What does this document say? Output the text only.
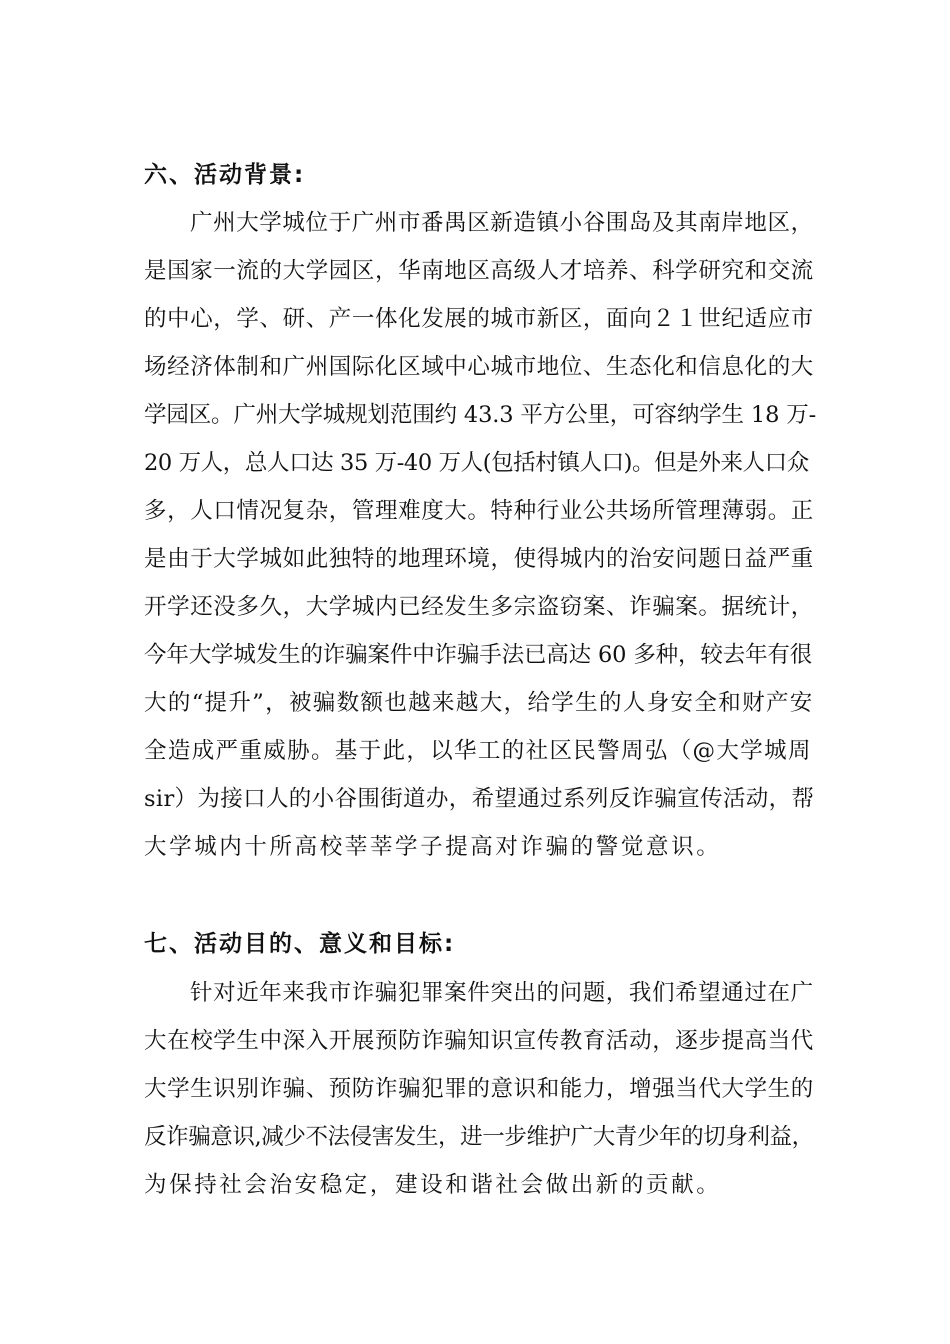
六、活动背景:
广州大学城位于广州市番禺区新造镇小谷围岛及其南岸地区，
是国家一流的大学园区，华南地区高级人才培养、科学研究和交流
的中心，学、研、产一体化发展的城市新区，面向２１世纪适应市
场经济体制和广州国际化区域中心城市地位、生态化和信息化的大
学园区。广州大学城规划范围约 43.3 平方公里，可容纳学生 18 万-
20 万人，总人口达 35 万-40 万人(包括村镇人口)。但是外来人口众
多，人口情况复杂，管理难度大。特种行业公共场所管理薄弱。正
是由于大学城如此独特的地理环境，使得城内的治安问题日益严重
开学还没多久，大学城内已经发生多宗盗窃案、诈骗案。据统计，
今年大学城发生的诈骗案件中诈骗手法已高达 60 多种，较去年有很
大的“提升”，被骗数额也越来越大，给学生的人身安全和财产安
全造成严重威胁。基于此，以华工的社区民警周弘（@大学城周
sir）为接口人的小谷围街道办，希望通过系列反诈骗宣传活动，帮
大学城内十所高校莘莘学子提高对诈骗的警觉意识。
七、活动目的、意义和目标:
针对近年来我市诈骗犯罪案件突出的问题，我们希望通过在广
大在校学生中深入开展预防诈骗知识宣传教育活动，逐步提高当代
大学生识别诈骗、预防诈骗犯罪的意识和能力，增强当代大学生的
反诈骗意识,减少不法侵害发生，进一步维护广大青少年的切身利益，
为保持社会治安稳定，建设和谐社会做出新的贡献。
